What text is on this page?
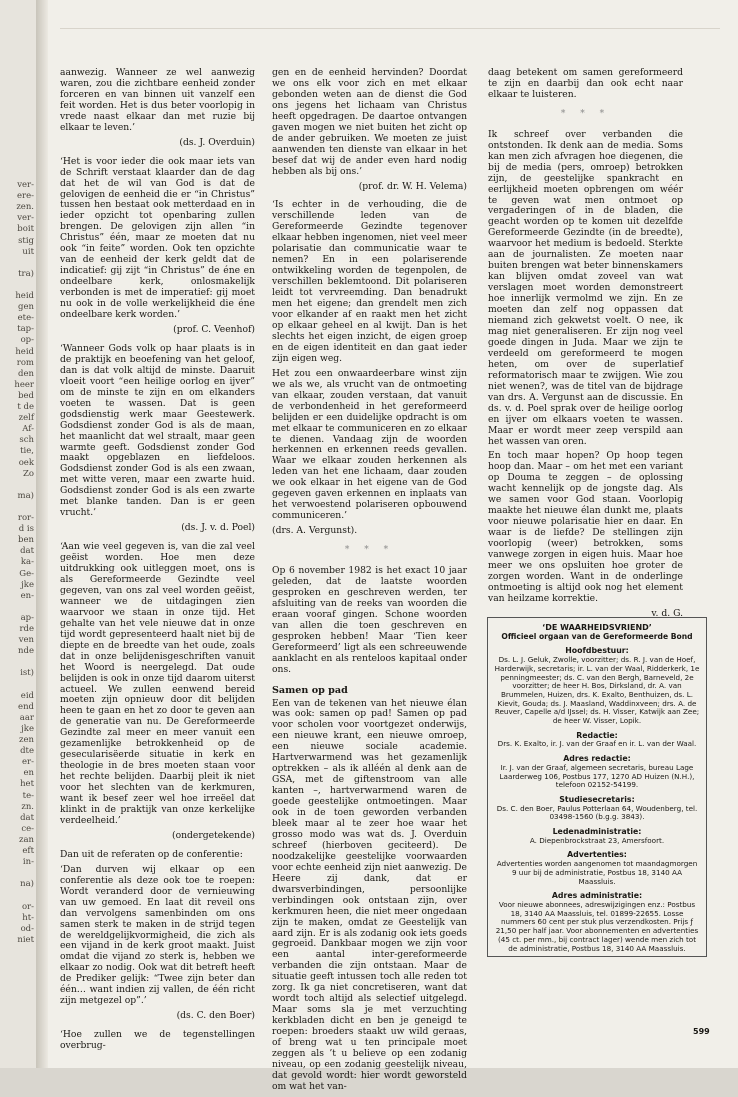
ver-
ere-
zen.
ver-
boit
stig
uit
tra)
heid
gen
ete-
tap-
op-
heid
rom
den
heer
bed
t de
zelf
Af-
sch
tie,
oek
Zo
ma)
ror-
d is
ben
dat
ka-
Ge-
jke
en-
ap-
rde
ven
nde
ist)
eid
end
aar
jke
zen
dte
er-
en
het
te-
zn.
dat
ce-
zan
eft
in-
na)
or-
ht-
od-
niet

aanwezig. Wanneer ze wel aanwezig waren, zou die zichtbare eenheid zonder forceren en van binnen uit vanzelf een feit worden. Het is dus beter voorlopig in vrede naast elkaar dan met ruzie bij elkaar te leven.’

(ds. J. Overduin)

‘Het is voor ieder die ook maar iets van de Schrift verstaat klaarder dan de dag dat het de wil van God is dat de gelovigen de eenheid die er “in Christus” tussen hen bestaat ook metterdaad en in ieder opzicht tot openbaring zullen brengen. De gelovigen zijn allen “in Christus” één, maar ze moeten dat nu ook “in feite” worden. Ook ten opzichte van de eenheid der kerk geldt dat de indicatief: gij zijt “in Christus” de éne en ondeelbare kerk, onlosmakelijk verbonden is met de imperatief: gij moet nu ook in de volle werkelijkheid die éne ondeelbare kerk worden.’

(prof. C. Veenhof)

‘Wanneer Gods volk op haar plaats is in de praktijk en beoefening van het geloof, dan is dat volk altijd de minste. Daaruit vloeit voort “een heilige oorlog en ijver” om de minste te zijn en om elkanders voeten te wassen. Dat is geen godsdienstig werk maar Geestewerk. Godsdienst zonder God is als de maan, het maanlicht dat wel straalt, maar geen warmte geeft. Godsdienst zonder God maakt opgeblazen en liefdeloos. Godsdienst zonder God is als een zwaan, met witte veren, maar een zwarte huid. Godsdienst zonder God is als een zwarte met blanke tanden. Dan is er geen vrucht.’

(ds. J. v. d. Poel)

‘Aan wie veel gegeven is, van die zal veel geëist worden. Hoe men deze uitdrukking ook uitleggen moet, ons is als Gereformeerde Gezindte veel gegeven, van ons zal veel worden geëist, wanneer we de uitdagingen zien waarvoor we staan in onze tijd. Het gehalte van het vele nieuwe dat in onze tijd wordt gepresenteerd haalt niet bij de diepte en de breedte van het oude, zoals dat in onze belijdenisgeschriften vanuit het Woord is neergelegd. Dat oude belijden is ook in onze tijd daarom uiterst actueel. We zullen eenwend bereid moeten zijn opnieuw door dit belijden heen te gaan en het zo door te geven aan de generatie van nu. De Gereformeerde Gezindte zal meer en meer vanuit een gezamenlijke betrokkenheid op de gesecularisëerde situatie in kerk en theologie in de bres moeten staan voor het rechte belijden. Daarbij pleit ik niet voor het slechten van de kerkmuren, want ik besef zeer wel hoe irreëel dat klinkt in de praktijk van onze kerkelijke verdeelheid.’

(ondergetekende)

Dan uit de referaten op de conferentie:

‘Dan durven wij elkaar op een conferentie als deze ook toe te roepen: Wordt veranderd door de vernieuwing van uw gemoed. En laat dit reveil ons dan vervolgens samenbinden om ons samen sterk te maken in de strijd tegen de wereldgelijkvormigheid, die zich als een vijand in de kerk groot maakt. Juist omdat die vijand zo sterk is, hebben we elkaar zo nodig. Ook wat dit betreft heeft de Prediker gelijk: “Twee zijn beter dan één… want indien zij vallen, de één richt zijn metgezel op”.’

(ds. C. den Boer)

‘Hoe zullen we de tegenstellingen overbrug-

gen en de eenheid hervinden? Doordat we ons elk voor zich en met elkaar gebonden weten aan de dienst die God ons jegens het lichaam van Christus heeft opgedragen. De daartoe ontvangen gaven mogen we niet buiten het zicht op de ander gebruiken. We moeten ze juist aanwenden ten dienste van elkaar in het besef dat wij de ander even hard nodig hebben als bij ons.’

(prof. dr. W. H. Velema)

‘Is echter in de verhouding, die de verschillende leden van de Gereformeerde Gezindte tegenover elkaar hebben ingenomen, niet veel meer polarisatie dan communicatie waar te nemen? En in een polariserende ontwikkeling worden de tegenpolen, de verschillen beklemtoond. Dit polariseren leidt tot vervreemding. Dan benadrukt men het eigene; dan grendelt men zich voor elkander af en raakt men het zicht op elkaar geheel en al kwijt. Dan is het slechts het eigen inzicht, de eigen groep en de eigen identiteit en dan gaat ieder zijn eigen weg.

Het zou een onwaardeerbare winst zijn we als we, als vrucht van de ontmoeting van elkaar, zouden verstaan, dat vanuit de verbondenheid in het gereformeerd belijden er een duidelijke opdracht is om met elkaar te communiceren en zo elkaar te dienen. Vandaag zijn de woorden herkennen en erkennen reeds gevallen. Waar we elkaar zouden herkennen als leden van het ene lichaam, daar zouden we ook elkaar in het eigene van de God gegeven gaven erkennen en inplaats van het verwoestend polariseren opbouwend communiceren.’

(drs. A. Vergunst).

* * *

Op 6 november 1982 is het exact 10 jaar geleden, dat de laatste woorden gesproken en geschreven werden, ter afsluiting van de reeks van woorden die eraan vooraf gingen. Schone woorden van allen die toen geschreven en gesproken hebben! Maar ‘Tien keer Gereformeerd’ ligt als een schreeuwende aanklacht en als renteloos kapitaal onder ons.

Samen op pad

Een van de tekenen van het nieuwe élan was ook: samen op pad! Samen op pad voor scholen voor voortgezet onderwijs, een nieuwe krant, een nieuwe omroep, een nieuwe sociale academie. Hartverwarmend was het gezamenlijk optrekken – als ik alléén al denk aan de GSA, met de giftenstroom van alle kanten –, hartverwarmend waren de goede geestelijke ontmoetingen. Maar ook in de toen geworden verbanden bleek maar al te zeer hoe waar het grosso modo was wat ds. J. Overduin schreef (hierboven geciteerd). De noodzakelijke geestelijke voorwaarden voor echte eenheid zijn niet aanwezig. De Heere zij dank, dat er dwarsverbindingen, persoonlijke verbindingen ook ontstaan zijn, over kerkmuren heen, die niet meer ongedaan zijn te maken, omdat ze Geestelijk van aard zijn. Er is als zodanig ook iets goeds gegroeid. Dankbaar mogen we zijn voor een aantal inter-gereformeerde verbanden die zijn ontstaan. Maar de situatie geeft intussen toch alle reden tot zorg. Ik ga niet concretiseren, want dat wordt toch altijd als selectief uitgelegd. Maar soms sla je met verzuchting kerkbladen dicht en ben je geneigd te roepen: broeders staakt uw wild geraas, of breng wat u ten principale moet zeggen als ’t u believe op een zodanig niveau, op een zodanig geestelijk niveau, dat gevold wordt: hier wordt geworsteld om wat het van-

daag betekent om samen gereformeerd te zijn en daarbij dan ook echt naar elkaar te luisteren.

* * *

Ik schreef over verbanden die ontstonden. Ik denk aan de media. Soms kan men zich afvragen hoe diegenen, die bij de media (pers, omroep) betrokken zijn, de geestelijke spankracht en eerlijkheid moeten opbrengen om wéér te geven wat men ontmoet op vergaderingen of in de bladen, die geacht worden op te komen uit dezelfde Gereformeerde Gezindte (in de breedte), waarvoor het medium is bedoeld. Sterkte aan de journalisten. Ze moeten naar buiten brengen wat beter binnenskamers kan blijven omdat zoveel van wat verslagen moet worden demonstreert hoe innerlijk vermolmd we zijn. En ze moeten dan zelf nog oppassen dat niemand zich gekwetst voelt. O nee, ik mag niet generaliseren. Er zijn nog veel goede dingen in Juda. Maar we zijn te verdeeld om gereformeerd te mogen heten, om over de superlatief reformatorisch maar te zwijgen. Wie zou niet wenen?, was de titel van de bijdrage van drs. A. Vergunst aan de discussie. En ds. v. d. Poel sprak over de heilige oorlog en ijver om elkaars voeten te wassen. Maar er wordt meer zeep verspild aan het wassen van oren.

En toch maar hopen? Op hoop tegen hoop dan. Maar – om het met een variant op Douma te zeggen – de oplossing wacht kennelijk op de jongste dag. Als we samen voor God staan. Voorlopig maakte het nieuwe élan dunkt me, plaats voor nieuwe polarisatie hier en daar. En waar is de liefde? De stellingen zijn voorlopig (weer) betrokken, soms vanwege zorgen in eigen huis. Maar hoe meer we ons opsluiten hoe groter de zorgen worden. Want in de onderlinge ontmoeting is altijd ook nog het element van heilzame korrektie.

v. d. G.
‘DE WAARHEIDSVRIEND’
Officieel orgaan van de Gereformeerde Bond
Hoofdbestuur:
Ds. L. J. Geluk, Zwolle, voorzitter; ds. R. J. van de Hoef, Harderwijk, secretaris; ir. L. van der Waal, Ridderkerk, 1e penningmeester; ds. C. van den Bergh, Barneveld, 2e voorzitter; de heer H. Bos, Dirksland, dr. A. van Brummelen, Huizen, drs. K. Exalto, Benthuizen, ds. L. Kievit, Gouda; ds. J. Maasland, Waddinxveen; drs. A. de Reuver, Capelle a/d IJssel; ds. H. Visser, Katwijk aan Zee; de heer W. Visser, Lopik.
Redactie:
Drs. K. Exalto, ir. J. van der Graaf en ir. L. van der Waal.
Adres redactie:
Ir. J. van der Graaf, algemeen secretaris, bureau Lage Laarderweg 106, Postbus 177, 1270 AD Huizen (N.H.), telefoon 02152-54199.
Studiesecretaris:
Ds. C. den Boer, Paulus Potterlaan 64, Woudenberg, tel. 03498-1560 (b.g.g. 3843).
Ledenadministratie:
A. Diepenbrockstraat 23, Amersfoort.
Advertenties:
Advertenties worden aangenomen tot maandagmorgen 9 uur bij de administratie, Postbus 18, 3140 AA Maassluis.
Adres administratie:
Voor nieuwe abonnees, adreswijzigingen enz.: Postbus 18, 3140 AA Maassluis, tel. 01899-22655. Losse nummers 60 cent per stuk plus verzendkosten. Prijs ƒ 21,50 per half jaar. Voor abonnementen en advertenties (45 ct. per mm., bij contract lager) wende men zich tot de administratie, Postbus 18, 3140 AA Maassluis.
599
